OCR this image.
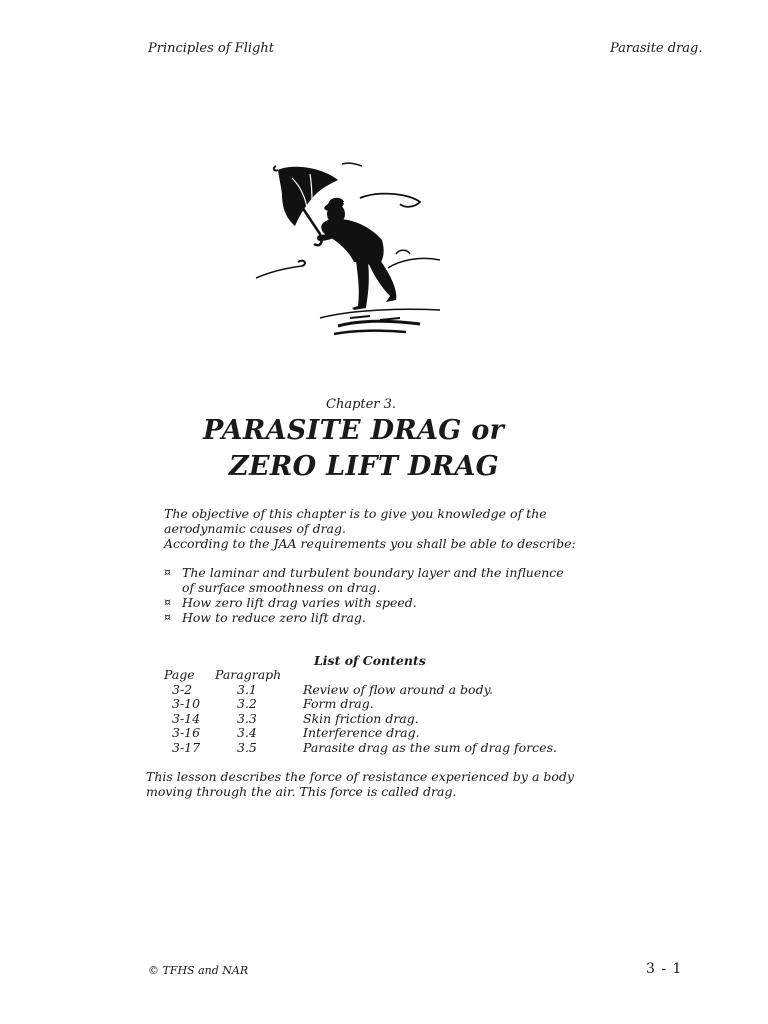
Principles of Flight	Parasite drag.
Chapter 3.
PARASITE DRAG or
ZERO LIFT DRAG
The objective of this chapter is to give you knowledge of the
aerodynamic causes of drag.
According to the JAA requirements you shall be able to describe:
¤ The laminar and turbulent boundary layer and the influence
of surface smoothness on drag.
¤ How zero lift drag varies with speed.
¤ How to reduce zero lift drag.
List of Contents
Page Paragraph
3-2	3.1	Review of flow around a body.
3-10	3.2	Form drag.
3-14	3.3	Skin friction drag.
3-16	3.4	Interference drag.
3-17	3.5	Parasite drag as the sum of drag forces.
This lesson describes the force of resistance experienced by a body
moving through the air. This force is called drag.
© TFHS and NAR	3 - 1
